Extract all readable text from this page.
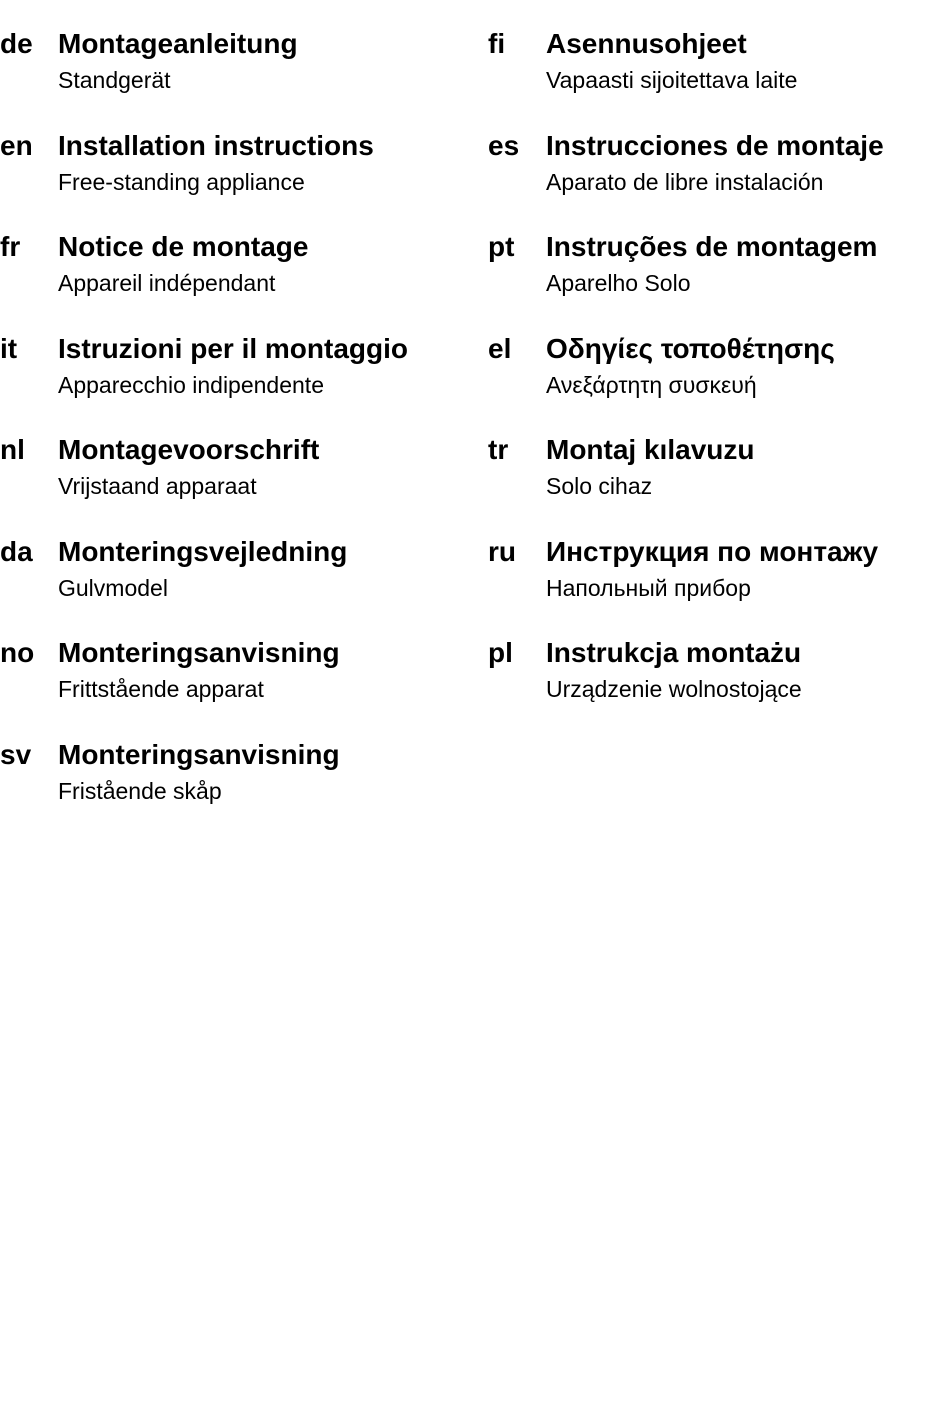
de Montageanleitung
Standgerät
en Installation instructions
Free-standing appliance
fr Notice de montage
Appareil indépendant
it Istruzioni per il montaggio
Apparecchio indipendente
nl Montagevoorschrift
Vrijstaand apparaat
da Monteringsvejledning
Gulvmodel
no Monteringsanvisning
Frittstående apparat
sv Monteringsanvisning
Fristående skåp
fi Asennusohjeet
Vapaasti sijoitettava laite
es Instrucciones de montaje
Aparato de libre instalación
pt Instruções de montagem
Aparelho Solo
el Οδηγίες τοποθέτησης
Ανεξάρτητη συσκευή
tr Montaj kılavuzu
Solo cihaz
ru Инструкция по монтажу
Напольный прибор
pl Instrukcja montażu
Urządzenie wolnostojące
